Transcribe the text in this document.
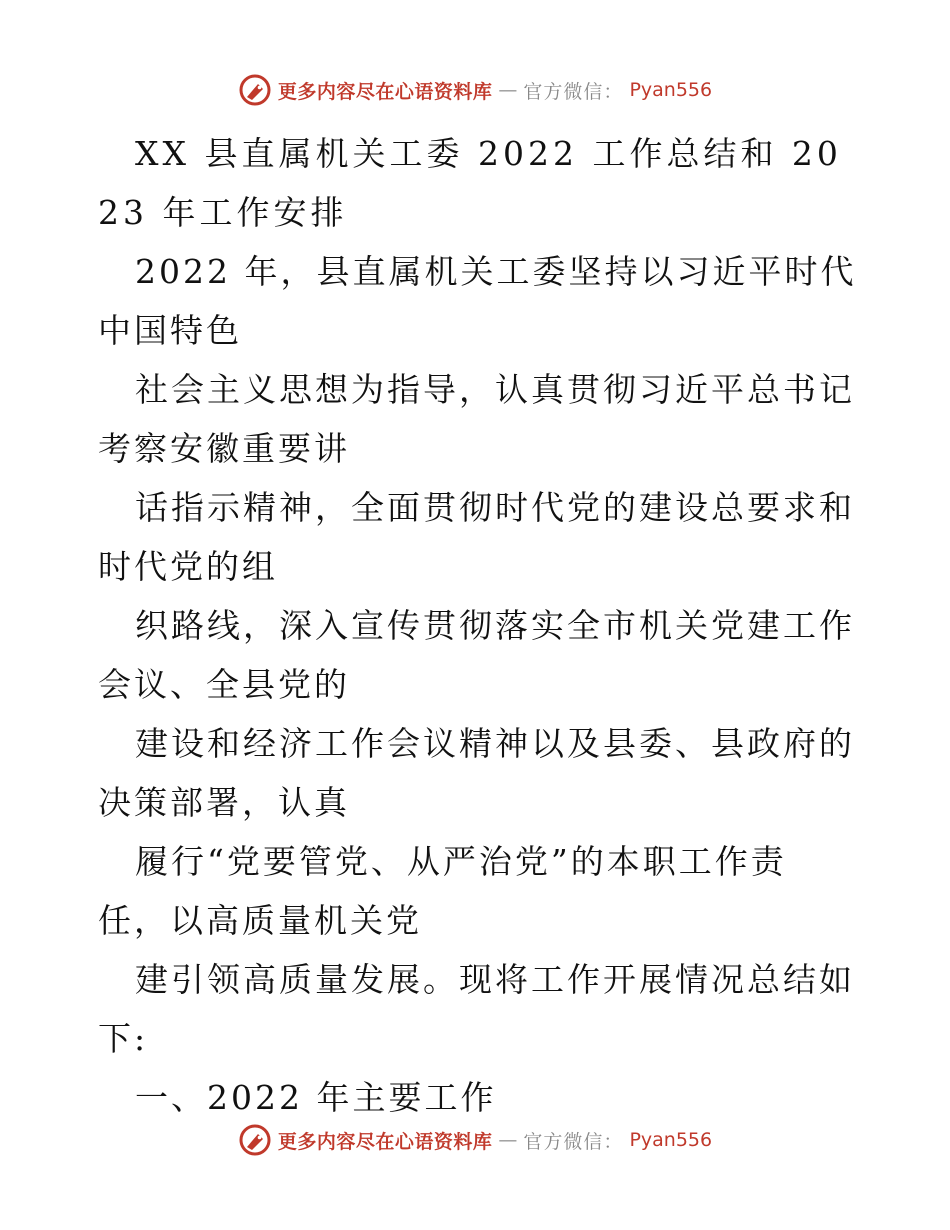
更多内容尽在心语资料库 — 官方微信： Pyan556

XX 县直属机关工委 2022 工作总结和 2023 年工作安排

2022 年，县直属机关工委坚持以习近平时代中国特色

社会主义思想为指导，认真贯彻习近平总书记考察安徽重要讲

话指示精神，全面贯彻时代党的建设总要求和时代党的组

织路线，深入宣传贯彻落实全市机关党建工作会议、全县党的

建设和经济工作会议精神以及县委、县政府的决策部署，认真

履行“党要管党、从严治党”的本职工作责任，以高质量机关党

建引领高质量发展。现将工作开展情况总结如下:

一、2022 年主要工作

更多内容尽在心语资料库 — 官方微信： Pyan556
